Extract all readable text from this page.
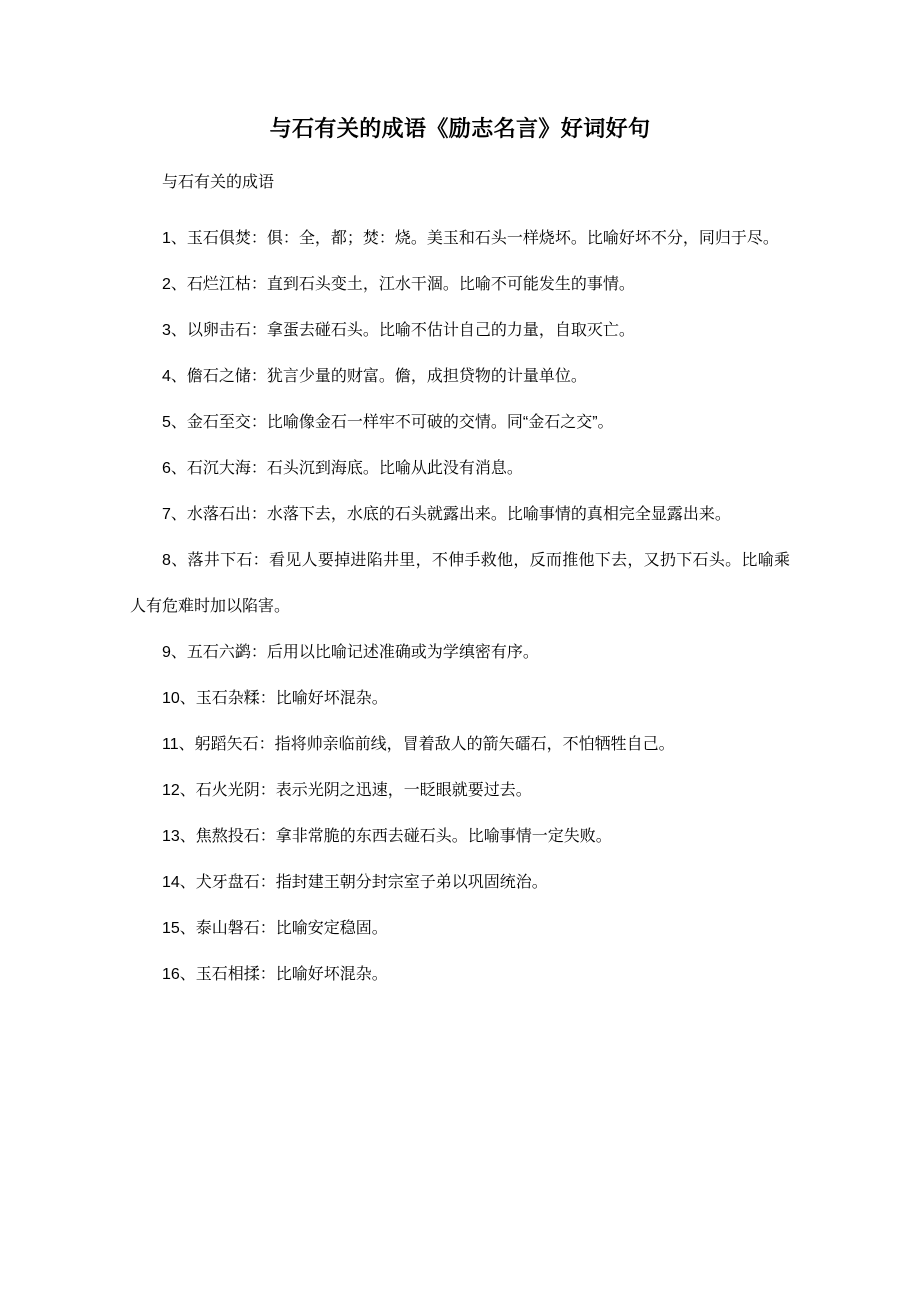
与石有关的成语《励志名言》好词好句

与石有关的成语

1、玉石俱焚：俱：全，都；焚：烧。美玉和石头一样烧坏。比喻好坏不分，同归于尽。
2、石烂江枯：直到石头变土，江水干涸。比喻不可能发生的事情。
3、以卵击石：拿蛋去碰石头。比喻不估计自己的力量，自取灭亡。
4、儋石之储：犹言少量的财富。儋，成担贷物的计量单位。
5、金石至交：比喻像金石一样牢不可破的交情。同“金石之交”。
6、石沉大海：石头沉到海底。比喻从此没有消息。
7、水落石出：水落下去，水底的石头就露出来。比喻事情的真相完全显露出来。
8、落井下石：看见人要掉进陷井里，不伸手救他，反而推他下去，又扔下石头。比喻乘人有危难时加以陷害。
9、五石六鹢：后用以比喻记述准确或为学缜密有序。
10、玉石杂糅：比喻好坏混杂。
11、躬蹈矢石：指将帅亲临前线，冒着敌人的箭矢礌石，不怕牺牲自己。
12、石火光阴：表示光阴之迅速，一眨眼就要过去。
13、焦熬投石：拿非常脆的东西去碰石头。比喻事情一定失败。
14、犬牙盘石：指封建王朝分封宗室子弟以巩固统治。
15、泰山磐石：比喻安定稳固。
16、玉石相揉：比喻好坏混杂。
